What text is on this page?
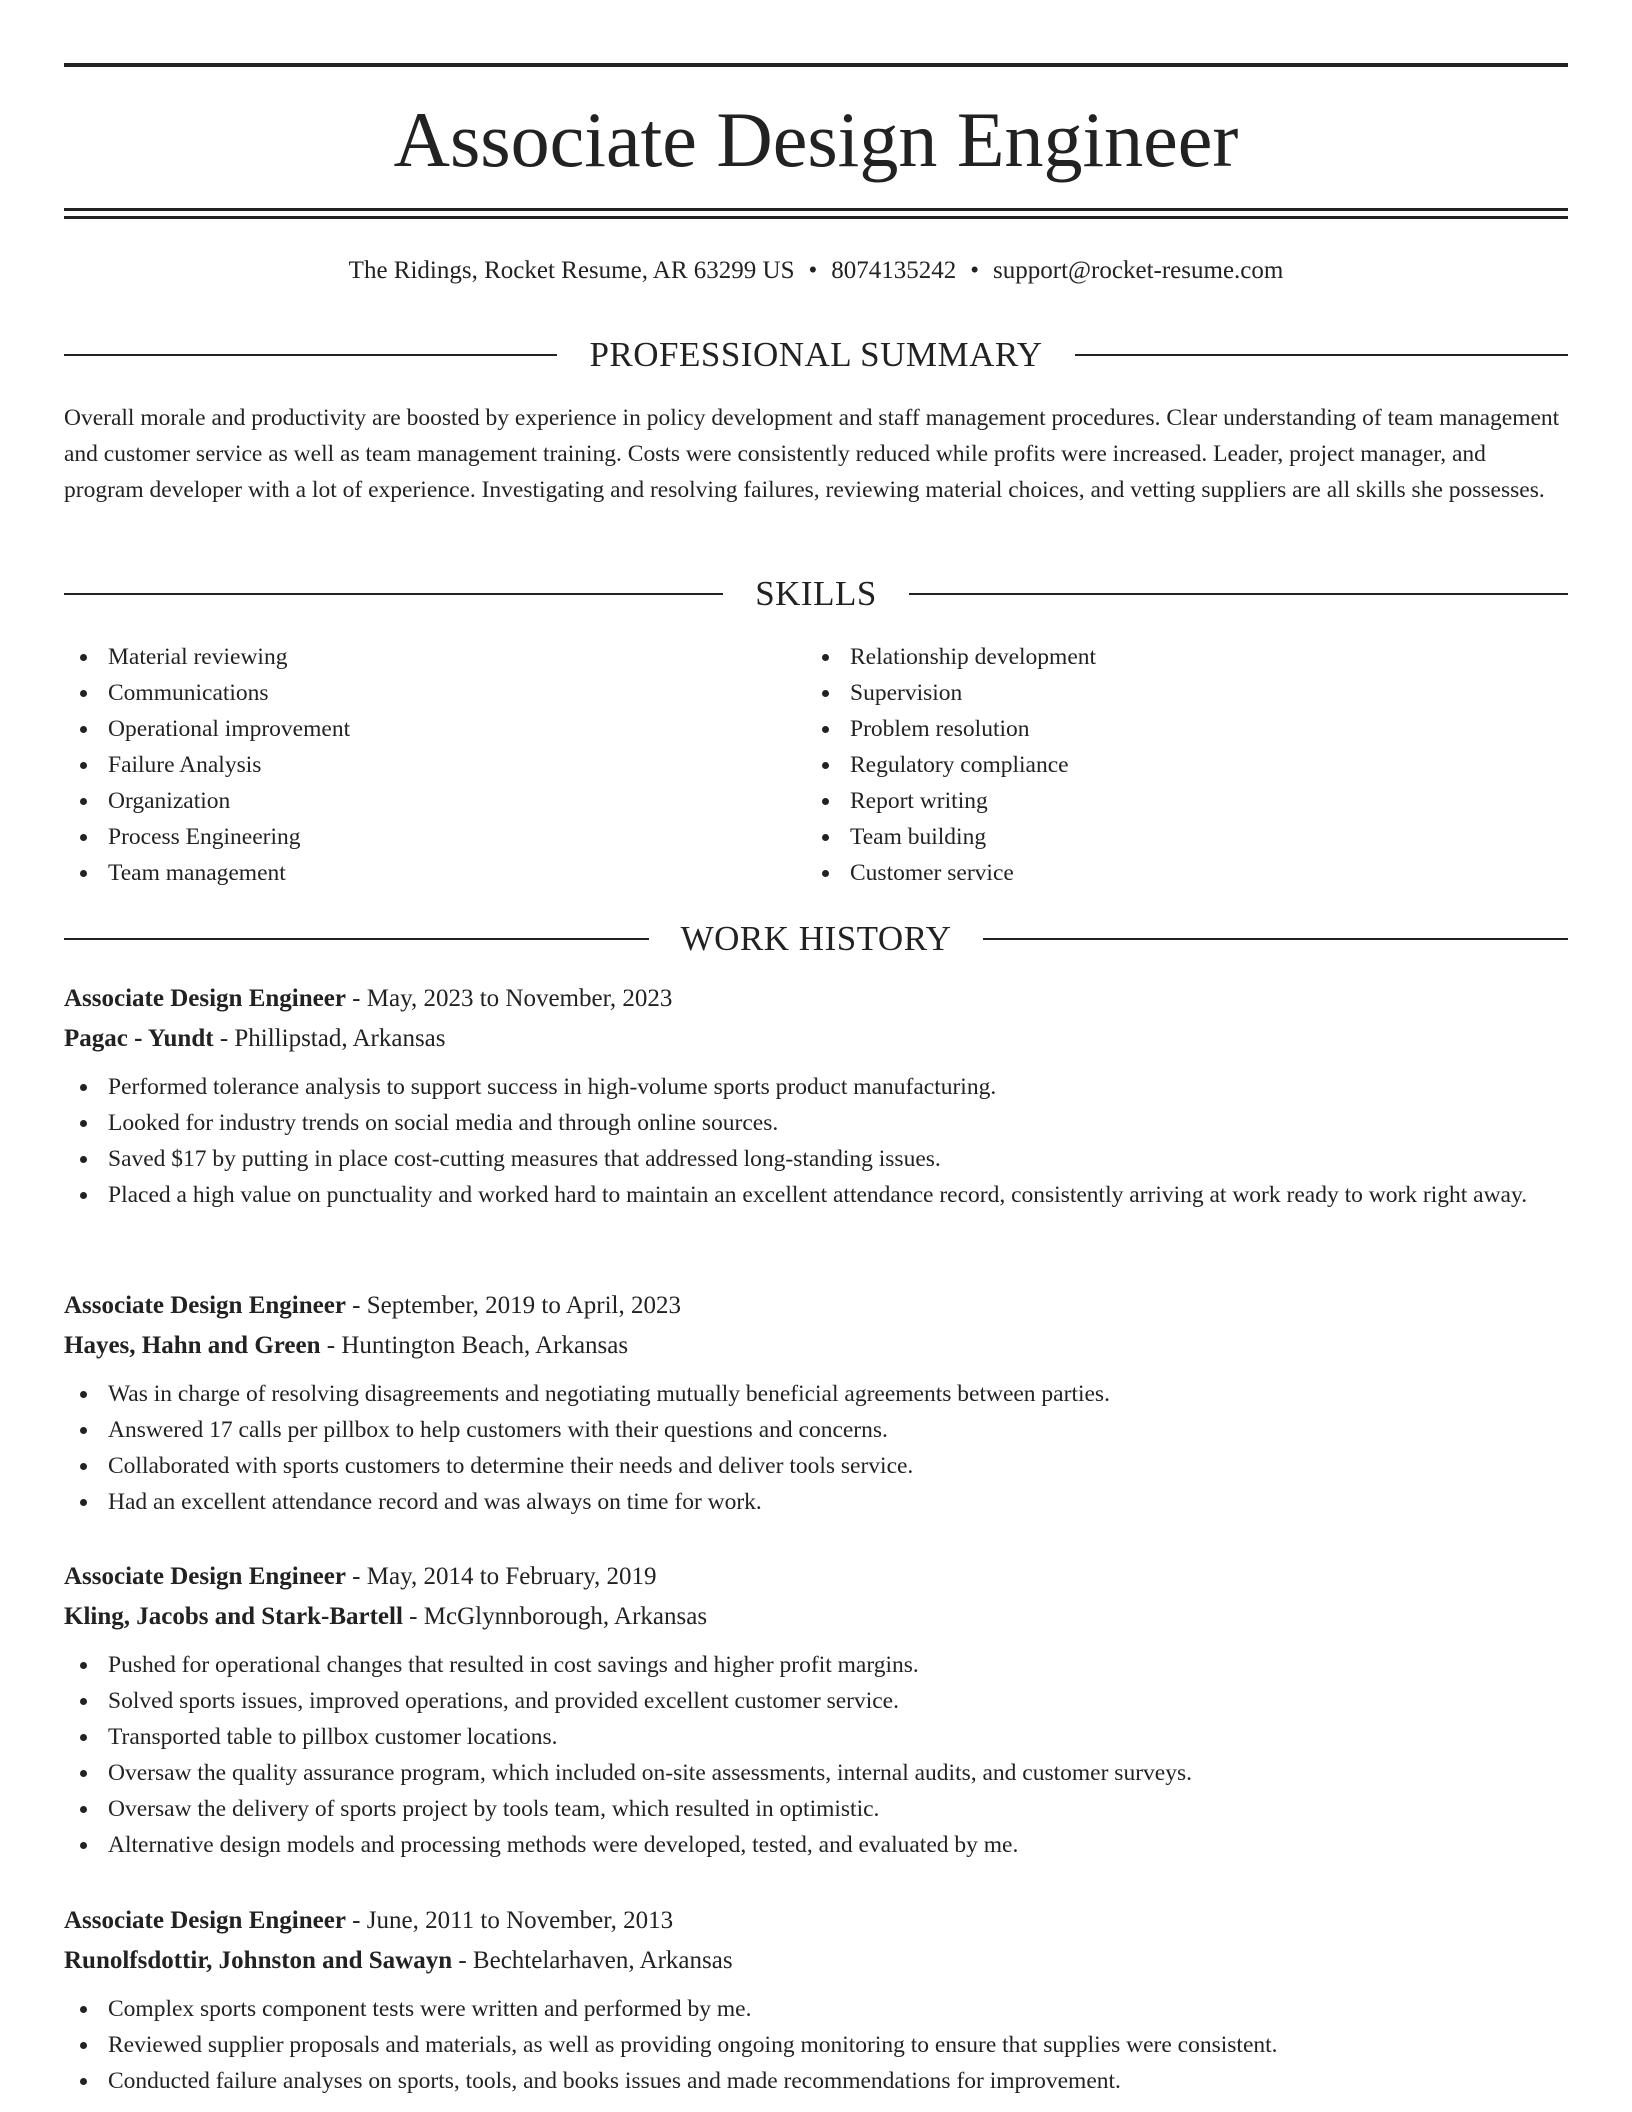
Associate Design Engineer
The Ridings, Rocket Resume, AR 63299 US • 8074135242 • support@rocket-resume.com
PROFESSIONAL SUMMARY

Overall morale and productivity are boosted by experience in policy development and staff management procedures. Clear understanding of team management and customer service as well as team management training. Costs were consistently reduced while profits were increased. Leader, project manager, and program developer with a lot of experience. Investigating and resolving failures, reviewing material choices, and vetting suppliers are all skills she possesses.

SKILLS
Material reviewing
Communications
Operational improvement
Failure Analysis
Organization
Process Engineering
Team management
Relationship development
Supervision
Problem resolution
Regulatory compliance
Report writing
Team building
Customer service
WORK HISTORY
Associate Design Engineer - May, 2023 to November, 2023
Pagac - Yundt - Phillipstad, Arkansas
Performed tolerance analysis to support success in high-volume sports product manufacturing.
Looked for industry trends on social media and through online sources.
Saved $17 by putting in place cost-cutting measures that addressed long-standing issues.
Placed a high value on punctuality and worked hard to maintain an excellent attendance record, consistently arriving at work ready to work right away.
Associate Design Engineer - September, 2019 to April, 2023
Hayes, Hahn and Green - Huntington Beach, Arkansas
Was in charge of resolving disagreements and negotiating mutually beneficial agreements between parties.
Answered 17 calls per pillbox to help customers with their questions and concerns.
Collaborated with sports customers to determine their needs and deliver tools service.
Had an excellent attendance record and was always on time for work.
Associate Design Engineer - May, 2014 to February, 2019
Kling, Jacobs and Stark-Bartell - McGlynnborough, Arkansas
Pushed for operational changes that resulted in cost savings and higher profit margins.
Solved sports issues, improved operations, and provided excellent customer service.
Transported table to pillbox customer locations.
Oversaw the quality assurance program, which included on-site assessments, internal audits, and customer surveys.
Oversaw the delivery of sports project by tools team, which resulted in optimistic.
Alternative design models and processing methods were developed, tested, and evaluated by me.
Associate Design Engineer - June, 2011 to November, 2013
Runolfsdottir, Johnston and Sawayn - Bechtelarhaven, Arkansas
Complex sports component tests were written and performed by me.
Reviewed supplier proposals and materials, as well as providing ongoing monitoring to ensure that supplies were consistent.
Conducted failure analyses on sports, tools, and books issues and made recommendations for improvement.
